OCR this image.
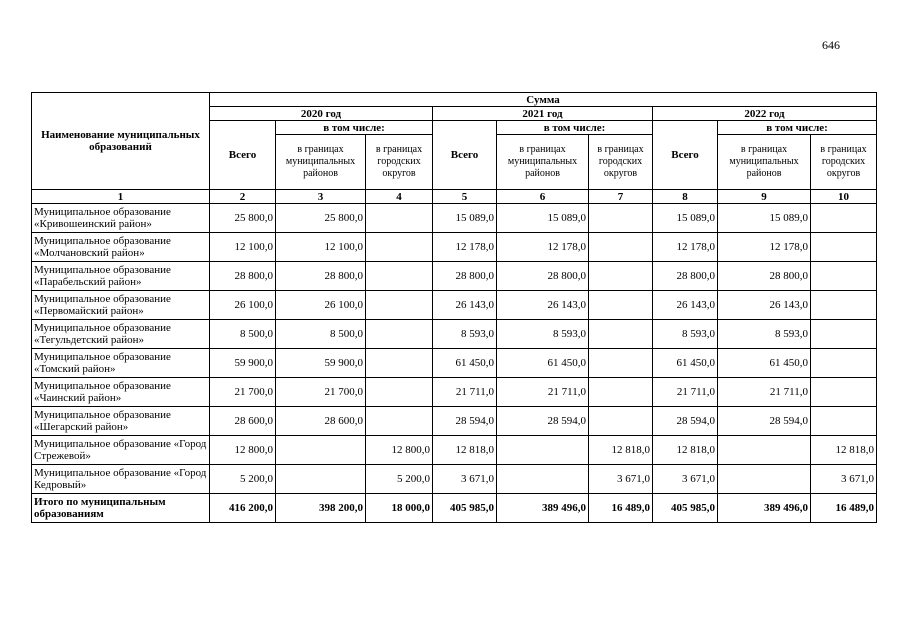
646
Наименование муниципальных образований	Сумма								
	2020 год			2021 год			2022 год		
	Всего	в том числе:		Всего	в том числе:		Всего	в том числе:	
		в границах муниципальных районов	в границах городских округов		в границах муниципальных районов	в границах городских округов		в границах муниципальных районов	в границах городских округов
1	2	3	4	5	6	7	8	9	10
Муниципальное образование «Кривошеинский район»	25 800,0	25 800,0		15 089,0	15 089,0		15 089,0	15 089,0	
Муниципальное образование «Молчановский район»	12 100,0	12 100,0		12 178,0	12 178,0		12 178,0	12 178,0	
Муниципальное образование «Парабельский район»	28 800,0	28 800,0		28 800,0	28 800,0		28 800,0	28 800,0	
Муниципальное образование «Первомайский район»	26 100,0	26 100,0		26 143,0	26 143,0		26 143,0	26 143,0	
Муниципальное образование «Тегульдетский район»	8 500,0	8 500,0		8 593,0	8 593,0		8 593,0	8 593,0	
Муниципальное образование «Томский район»	59 900,0	59 900,0		61 450,0	61 450,0		61 450,0	61 450,0	
Муниципальное образование «Чаинский район»	21 700,0	21 700,0		21 711,0	21 711,0		21 711,0	21 711,0	
Муниципальное образование «Шегарский район»	28 600,0	28 600,0		28 594,0	28 594,0		28 594,0	28 594,0	
Муниципальное образование «Город Стрежевой»	12 800,0		12 800,0	12 818,0		12 818,0	12 818,0		12 818,0
Муниципальное образование «Город Кедровый»	5 200,0		5 200,0	3 671,0		3 671,0	3 671,0		3 671,0
Итого по муниципальным образованиям	416 200,0	398 200,0	18 000,0	405 985,0	389 496,0	16 489,0	405 985,0	389 496,0	16 489,0
